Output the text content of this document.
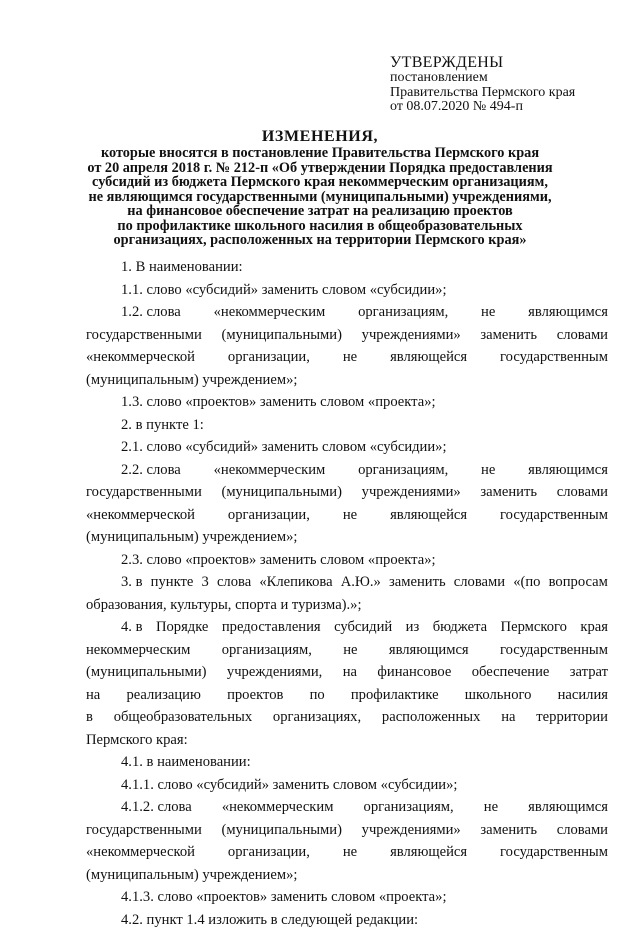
УТВЕРЖДЕНЫ
постановлением
Правительства Пермского края
от 08.07.2020 № 494-п
ИЗМЕНЕНИЯ,
которые вносятся в постановление Правительства Пермского края
от 20 апреля 2018 г. № 212-п «Об утверждении Порядка предоставления
субсидий из бюджета Пермского края некоммерческим организациям,
не являющимся государственными (муниципальными) учреждениями,
на финансовое обеспечение затрат на реализацию проектов
по профилактике школьного насилия в общеобразовательных
организациях, расположенных на территории Пермского края»
1. В наименовании:
1.1. слово «субсидий» заменить словом «субсидии»;
1.2. слова «некоммерческим организациям, не являющимся
государственными (муниципальными) учреждениями» заменить словами
«некоммерческой организации, не являющейся государственным
(муниципальным) учреждением»;
1.3. слово «проектов» заменить словом «проекта»;
2. в пункте 1:
2.1. слово «субсидий» заменить словом «субсидии»;
2.2. слова «некоммерческим организациям, не являющимся
государственными (муниципальными) учреждениями» заменить словами
«некоммерческой организации, не являющейся государственным
(муниципальным) учреждением»;
2.3. слово «проектов» заменить словом «проекта»;
3. в пункте 3 слова «Клепикова А.Ю.» заменить словами «(по вопросам
образования, культуры, спорта и туризма).»;
4. в Порядке предоставления субсидий из бюджета Пермского края
некоммерческим организациям, не являющимся государственным
(муниципальными) учреждениями, на финансовое обеспечение затрат
на реализацию проектов по профилактике школьного насилия
в общеобразовательных организациях, расположенных на территории
Пермского края:
4.1. в наименовании:
4.1.1. слово «субсидий» заменить словом «субсидии»;
4.1.2. слова «некоммерческим организациям, не являющимся
государственными (муниципальными) учреждениями» заменить словами
«некоммерческой организации, не являющейся государственным
(муниципальным) учреждением»;
4.1.3. слово «проектов» заменить словом «проекта»;
4.2. пункт 1.4 изложить в следующей редакции:
